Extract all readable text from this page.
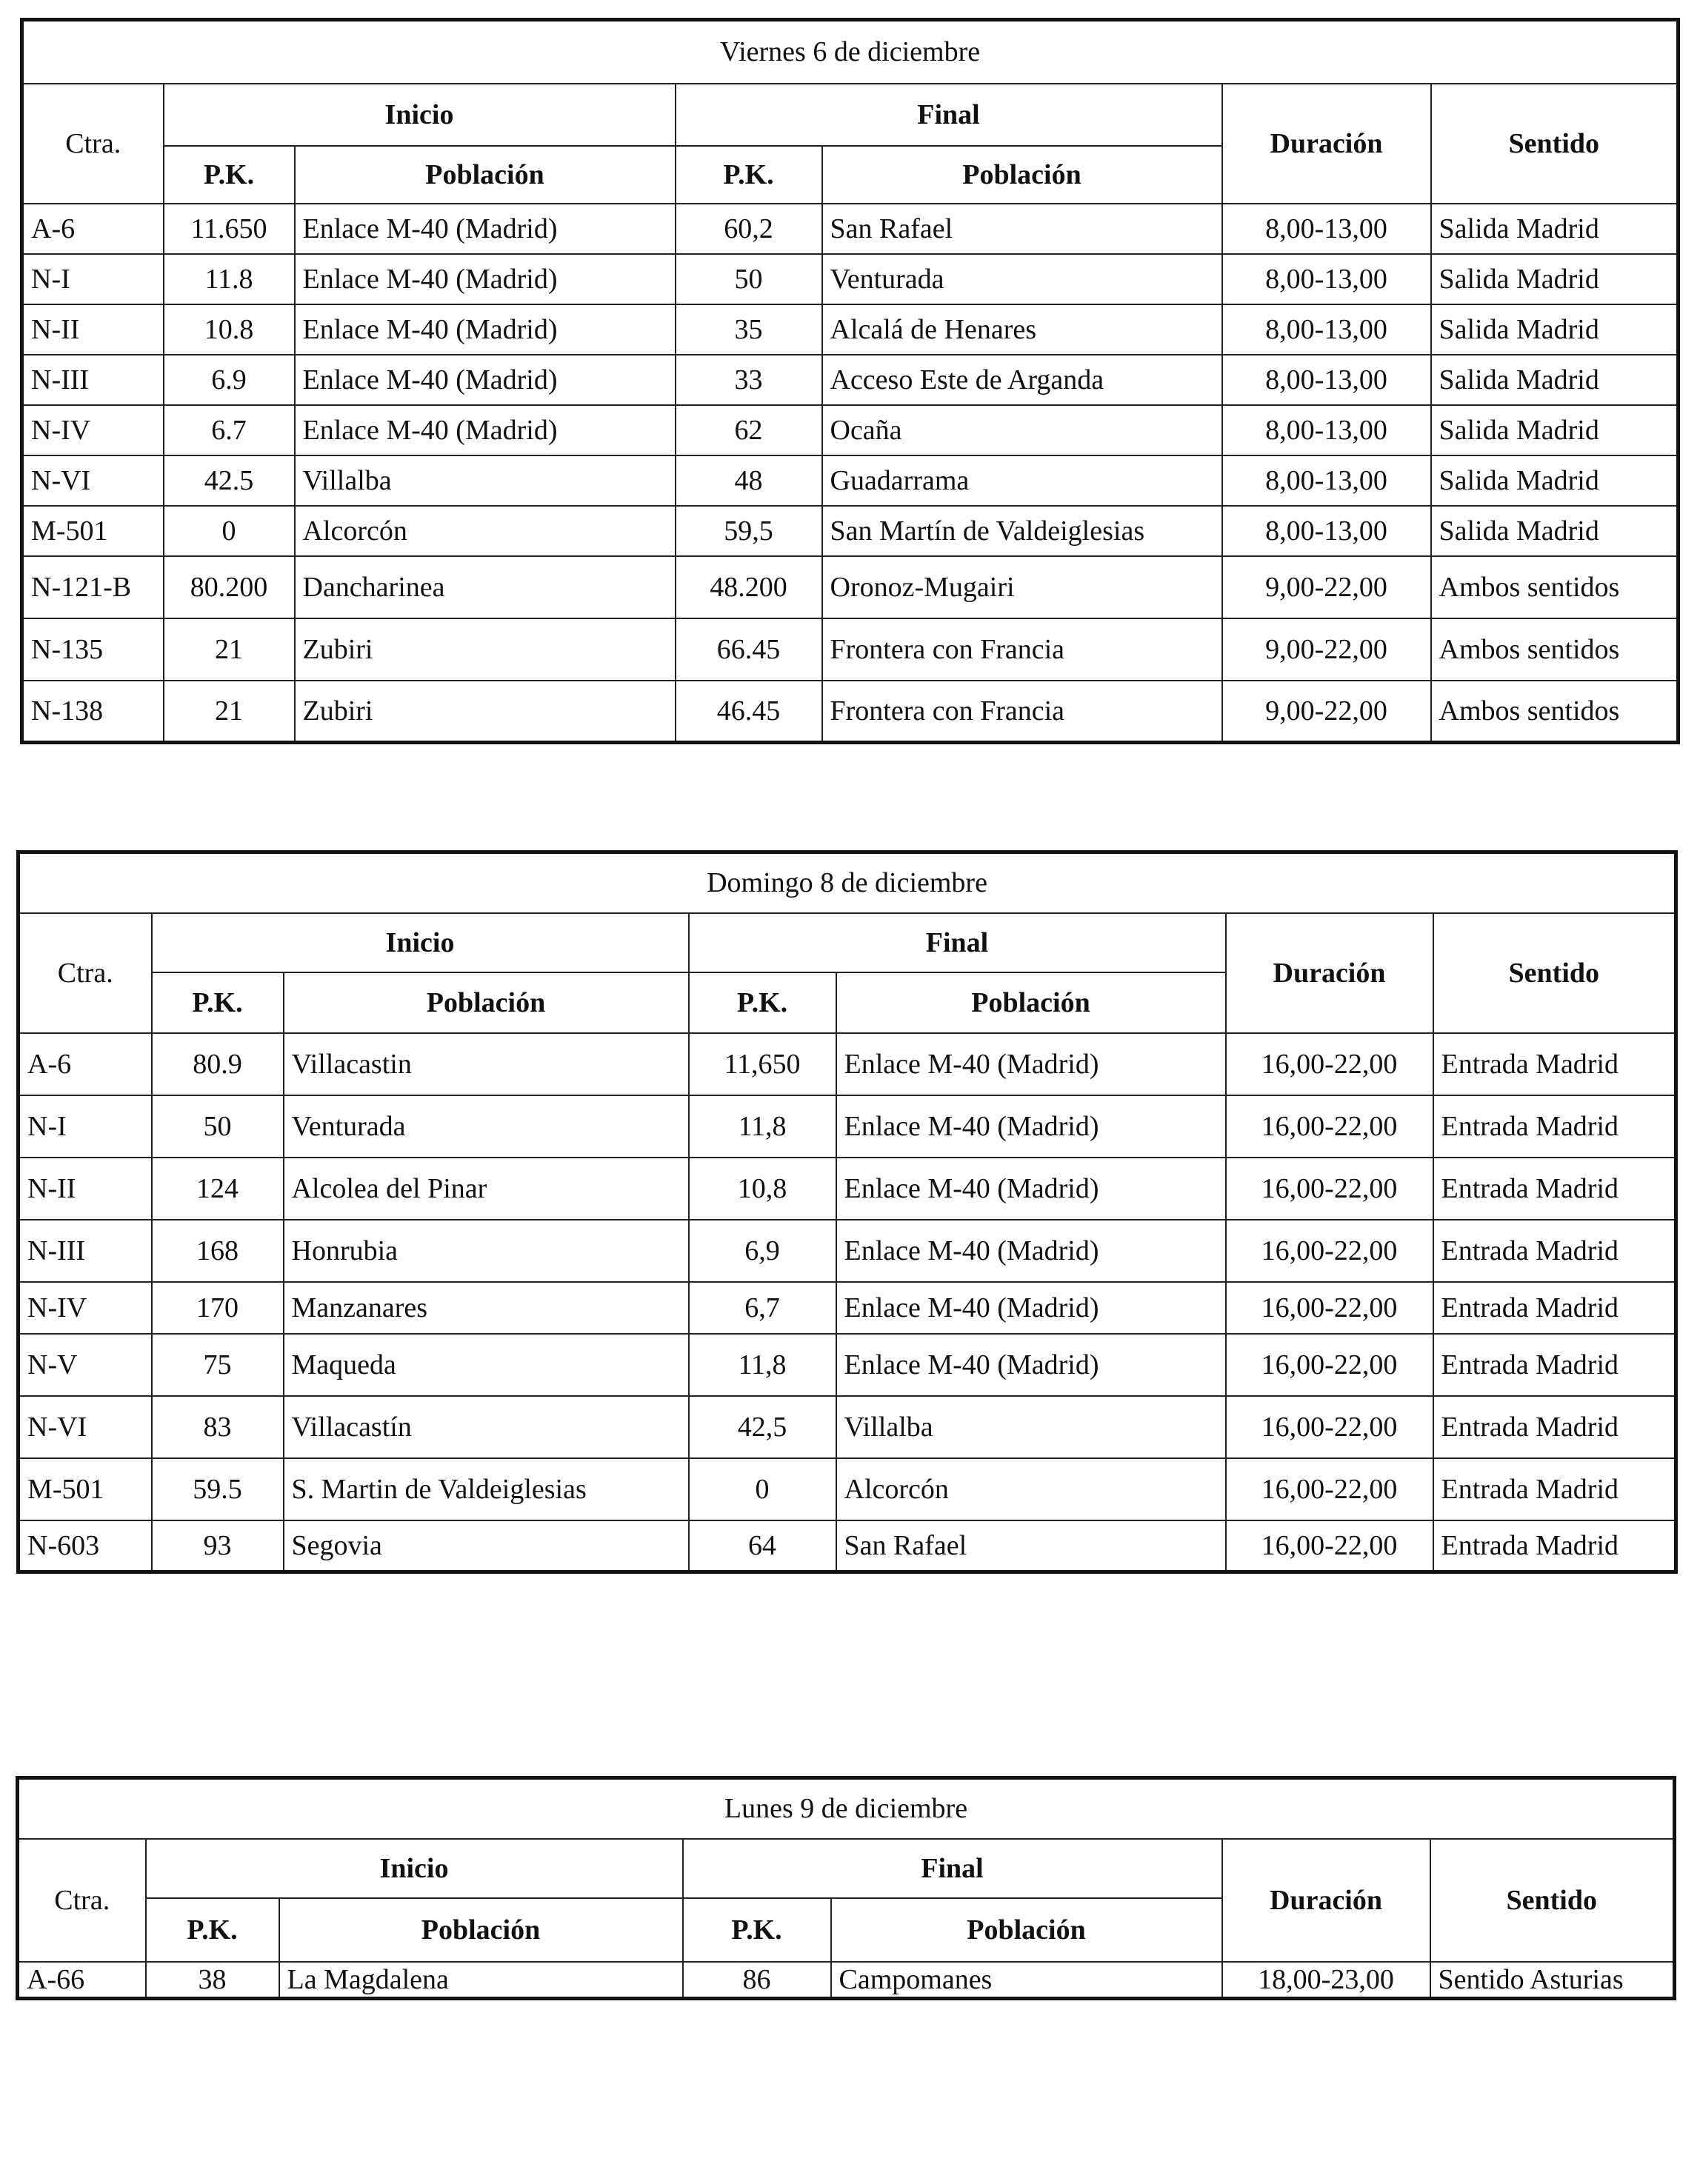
Viernes 6 de diciembre						
Ctra.	Inicio		Final		Duración	Sentido
	P.K.	Población	P.K.	Población		
A-6	11.650	Enlace M-40 (Madrid)	60,2	San Rafael	8,00-13,00	Salida Madrid
N-I	11.8	Enlace M-40 (Madrid)	50	Venturada	8,00-13,00	Salida Madrid
N-II	10.8	Enlace M-40 (Madrid)	35	Alcalá de Henares	8,00-13,00	Salida Madrid
N-III	6.9	Enlace M-40 (Madrid)	33	Acceso Este de Arganda	8,00-13,00	Salida Madrid
N-IV	6.7	Enlace M-40 (Madrid)	62	Ocaña	8,00-13,00	Salida Madrid
N-VI	42.5	Villalba	48	Guadarrama	8,00-13,00	Salida Madrid
M-501	0	Alcorcón	59,5	San Martín de Valdeiglesias	8,00-13,00	Salida Madrid
N-121-B	80.200	Dancharinea	48.200	Oronoz-Mugairi	9,00-22,00	Ambos sentidos
N-135	21	Zubiri	66.45	Frontera con Francia	9,00-22,00	Ambos sentidos
N-138	21	Zubiri	46.45	Frontera con Francia	9,00-22,00	Ambos sentidos
Domingo 8 de diciembre						
Ctra.	Inicio		Final		Duración	Sentido
	P.K.	Población	P.K.	Población		
A-6	80.9	Villacastin	11,650	Enlace M-40 (Madrid)	16,00-22,00	Entrada Madrid
N-I	50	Venturada	11,8	Enlace M-40 (Madrid)	16,00-22,00	Entrada Madrid
N-II	124	Alcolea del Pinar	10,8	Enlace M-40 (Madrid)	16,00-22,00	Entrada Madrid
N-III	168	Honrubia	6,9	Enlace M-40 (Madrid)	16,00-22,00	Entrada Madrid
N-IV	170	Manzanares	6,7	Enlace M-40 (Madrid)	16,00-22,00	Entrada Madrid
N-V	75	Maqueda	11,8	Enlace M-40 (Madrid)	16,00-22,00	Entrada Madrid
N-VI	83	Villacastín	42,5	Villalba	16,00-22,00	Entrada Madrid
M-501	59.5	S. Martin de Valdeiglesias	0	Alcorcón	16,00-22,00	Entrada Madrid
N-603	93	Segovia	64	San Rafael	16,00-22,00	Entrada Madrid
Lunes 9 de diciembre						
Ctra.	Inicio		Final		Duración	Sentido
	P.K.	Población	P.K.	Población		
A-66	38	La Magdalena	86	Campomanes	18,00-23,00	Sentido Asturias
